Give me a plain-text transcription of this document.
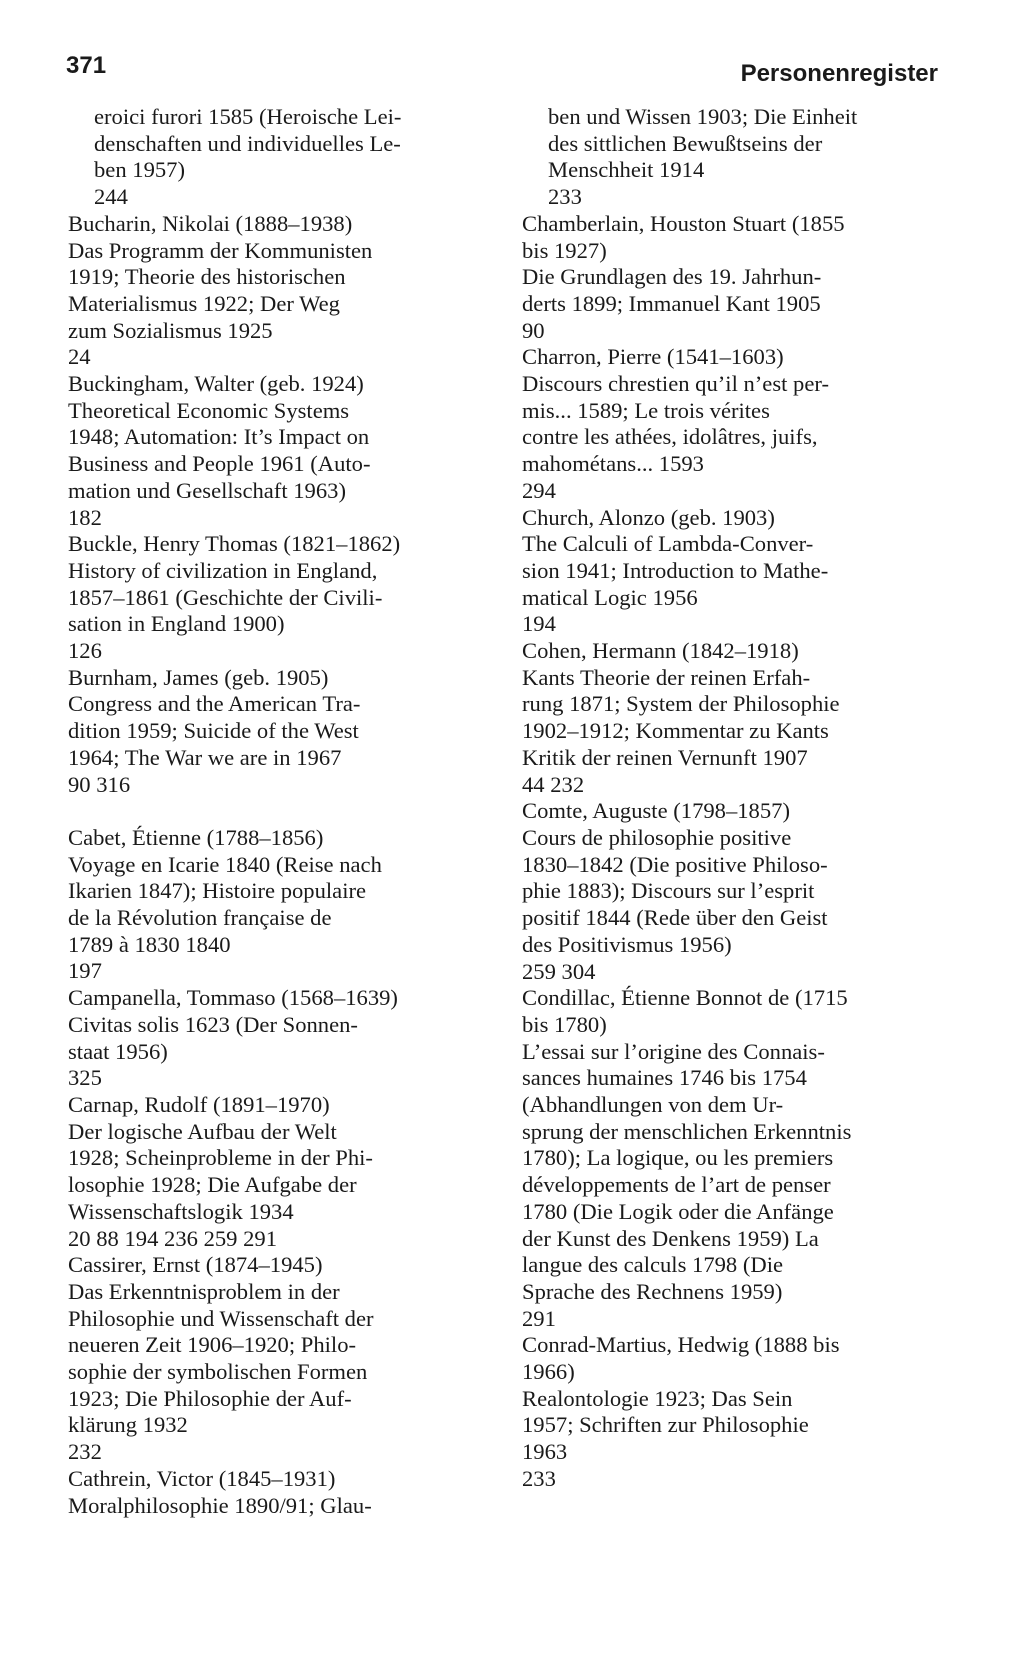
371	Personenregister
eroici furori 1585 (Heroische Lei-
denschaften und individuelles Le-
ben 1957)
244
Bucharin, Nikolai (1888–1938)
Das Programm der Kommunisten
1919; Theorie des historischen
Materialismus 1922; Der Weg
zum Sozialismus 1925
24
Buckingham, Walter (geb. 1924)
Theoretical Economic Systems
1948; Automation: It’s Impact on
Business and People 1961 (Auto-
mation und Gesellschaft 1963)
182
Buckle, Henry Thomas (1821–1862)
History of civilization in England,
1857–1861 (Geschichte der Civili-
sation in England 1900)
126
Burnham, James (geb. 1905)
Congress and the American Tra-
dition 1959; Suicide of the West
1964; The War we are in 1967
90 316
Cabet, Étienne (1788–1856)
Voyage en Icarie 1840 (Reise nach
Ikarien 1847); Histoire populaire
de la Révolution française de
1789 à 1830 1840
197
Campanella, Tommaso (1568–1639)
Civitas solis 1623 (Der Sonnen-
staat 1956)
325
Carnap, Rudolf (1891–1970)
Der logische Aufbau der Welt
1928; Scheinprobleme in der Phi-
losophie 1928; Die Aufgabe der
Wissenschaftslogik 1934
20 88 194 236 259 291
Cassirer, Ernst (1874–1945)
Das Erkenntnisproblem in der
Philosophie und Wissenschaft der
neueren Zeit 1906–1920; Philo-
sophie der symbolischen Formen
1923; Die Philosophie der Auf-
klärung 1932
232
Cathrein, Victor (1845–1931)
Moralphilosophie 1890/91; Glau-
ben und Wissen 1903; Die Einheit
des sittlichen Bewußtseins der
Menschheit 1914
233
Chamberlain, Houston Stuart (1855
bis 1927)
Die Grundlagen des 19. Jahrhun-
derts 1899; Immanuel Kant 1905
90
Charron, Pierre (1541–1603)
Discours chrestien qu’il n’est per-
mis... 1589; Le trois vérites
contre les athées, idolâtres, juifs,
mahométans... 1593
294
Church, Alonzo (geb. 1903)
The Calculi of Lambda-Conver-
sion 1941; Introduction to Mathe-
matical Logic 1956
194
Cohen, Hermann (1842–1918)
Kants Theorie der reinen Erfah-
rung 1871; System der Philosophie
1902–1912; Kommentar zu Kants
Kritik der reinen Vernunft 1907
44 232
Comte, Auguste (1798–1857)
Cours de philosophie positive
1830–1842 (Die positive Philoso-
phie 1883); Discours sur l’esprit
positif 1844 (Rede über den Geist
des Positivismus 1956)
259 304
Condillac, Étienne Bonnot de (1715
bis 1780)
L’essai sur l’origine des Connais-
sances humaines 1746 bis 1754
(Abhandlungen von dem Ur-
sprung der menschlichen Erkenntnis
1780); La logique, ou les premiers
développements de l’art de penser
1780 (Die Logik oder die Anfänge
der Kunst des Denkens 1959) La
langue des calculs 1798 (Die
Sprache des Rechnens 1959)
291
Conrad-Martius, Hedwig (1888 bis
1966)
Realontologie 1923; Das Sein
1957; Schriften zur Philosophie
1963
233
